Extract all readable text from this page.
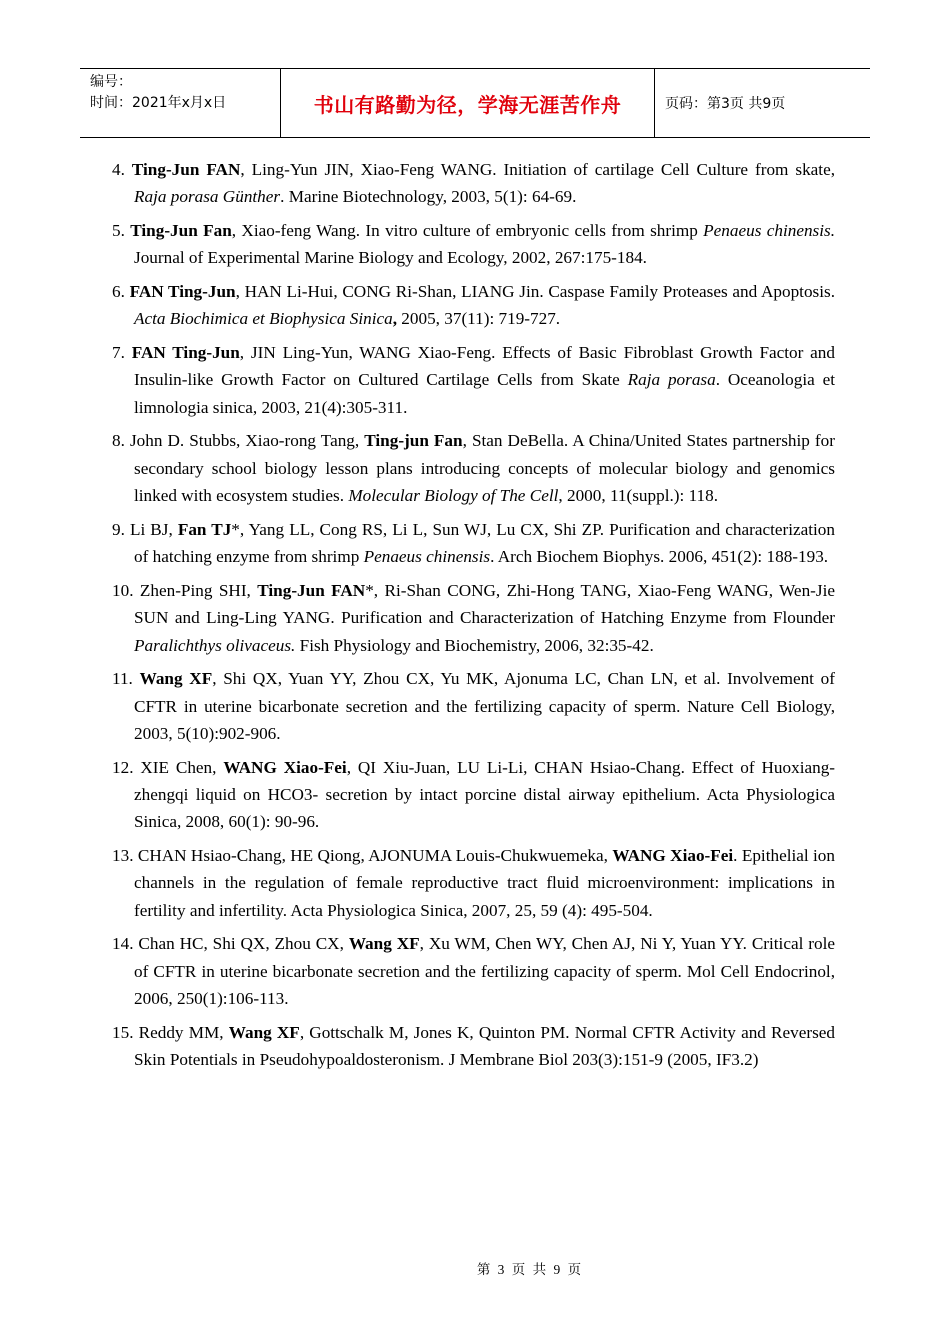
编号：
时间：2021年x月x日	书山有路勤为径，学海无涯苦作舟	页码：第3页 共9页

4. Ting-Jun FAN, Ling-Yun JIN, Xiao-Feng WANG. Initiation of cartilage Cell Culture from skate, Raja porasa Günther. Marine Biotechnology, 2003, 5(1): 64-69.

5. Ting-Jun Fan, Xiao-feng Wang. In vitro culture of embryonic cells from shrimp Penaeus chinensis. Journal of Experimental Marine Biology and Ecology, 2002, 267:175-184.

6. FAN Ting-Jun, HAN Li-Hui, CONG Ri-Shan, LIANG Jin. Caspase Family Proteases and Apoptosis. Acta Biochimica et Biophysica Sinica, 2005, 37(11): 719-727.

7. FAN Ting-Jun, JIN Ling-Yun, WANG Xiao-Feng. Effects of Basic Fibroblast Growth Factor and Insulin-like Growth Factor on Cultured Cartilage Cells from Skate Raja porasa. Oceanologia et limnologia sinica, 2003, 21(4):305-311.

8. John D. Stubbs, Xiao-rong Tang, Ting-jun Fan, Stan DeBella. A China/United States partnership for secondary school biology lesson plans introducing concepts of molecular biology and genomics linked with ecosystem studies. Molecular Biology of The Cell, 2000, 11(suppl.): 118.

9. Li BJ, Fan TJ*, Yang LL, Cong RS, Li L, Sun WJ, Lu CX, Shi ZP. Purification and characterization of hatching enzyme from shrimp Penaeus chinensis. Arch Biochem Biophys. 2006, 451(2): 188-193.

10. Zhen-Ping SHI, Ting-Jun FAN*, Ri-Shan CONG, Zhi-Hong TANG, Xiao-Feng WANG, Wen-Jie SUN and Ling-Ling YANG. Purification and Characterization of Hatching Enzyme from Flounder Paralichthys olivaceus. Fish Physiology and Biochemistry, 2006, 32:35-42.

11. Wang XF, Shi QX, Yuan YY, Zhou CX, Yu MK, Ajonuma LC, Chan LN, et al. Involvement of CFTR in uterine bicarbonate secretion and the fertilizing capacity of sperm. Nature Cell Biology, 2003, 5(10):902-906.

12. XIE Chen, WANG Xiao-Fei, QI Xiu-Juan, LU Li-Li, CHAN Hsiao-Chang. Effect of Huoxiang-zhengqi liquid on HCO3- secretion by intact porcine distal airway epithelium. Acta Physiologica Sinica, 2008, 60(1): 90-96.

13. CHAN Hsiao-Chang, HE Qiong, AJONUMA Louis-Chukwuemeka, WANG Xiao-Fei. Epithelial ion channels in the regulation of female reproductive tract fluid microenvironment: implications in fertility and infertility. Acta Physiologica Sinica, 2007, 25, 59 (4): 495-504.

14. Chan HC, Shi QX, Zhou CX, Wang XF, Xu WM, Chen WY, Chen AJ, Ni Y, Yuan YY. Critical role of CFTR in uterine bicarbonate secretion and the fertilizing capacity of sperm. Mol Cell Endocrinol, 2006, 250(1):106-113.

15. Reddy MM, Wang XF, Gottschalk M, Jones K, Quinton PM. Normal CFTR Activity and Reversed Skin Potentials in Pseudohypoaldosteronism. J Membrane Biol 203(3):151-9 (2005, IF3.2)

第 3 页 共 9 页
